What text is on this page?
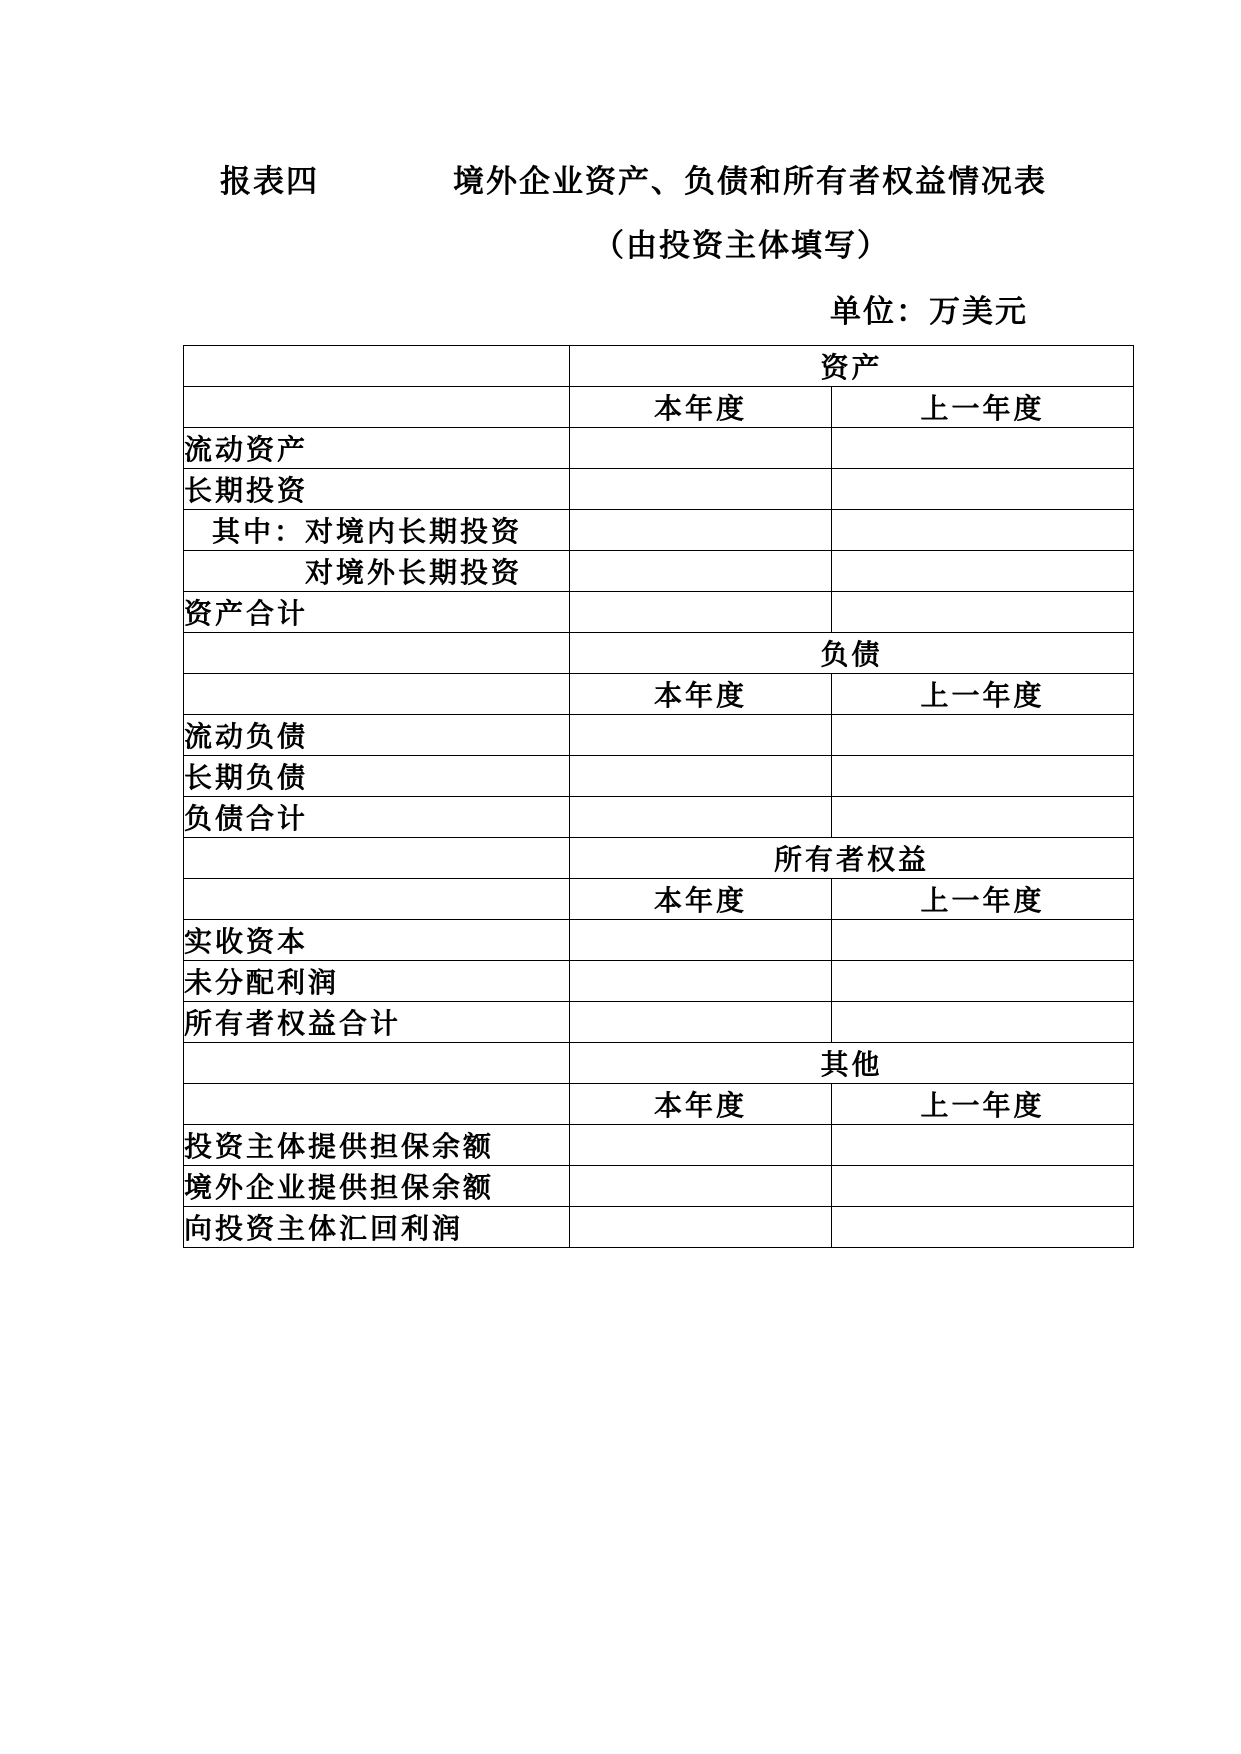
报表四	境外企业资产、负债和所有者权益情况表
（由投资主体填写）
单位：万美元
	资产	
	本年度	上一年度
流动资产		
长期投资		
其中：对境内长期投资		
对境外长期投资		
资产合计		
	负债	
	本年度	上一年度
流动负债		
长期负债		
负债合计		
	所有者权益	
	本年度	上一年度
实收资本		
未分配利润		
所有者权益合计		
	其他	
	本年度	上一年度
投资主体提供担保余额		
境外企业提供担保余额		
向投资主体汇回利润		
